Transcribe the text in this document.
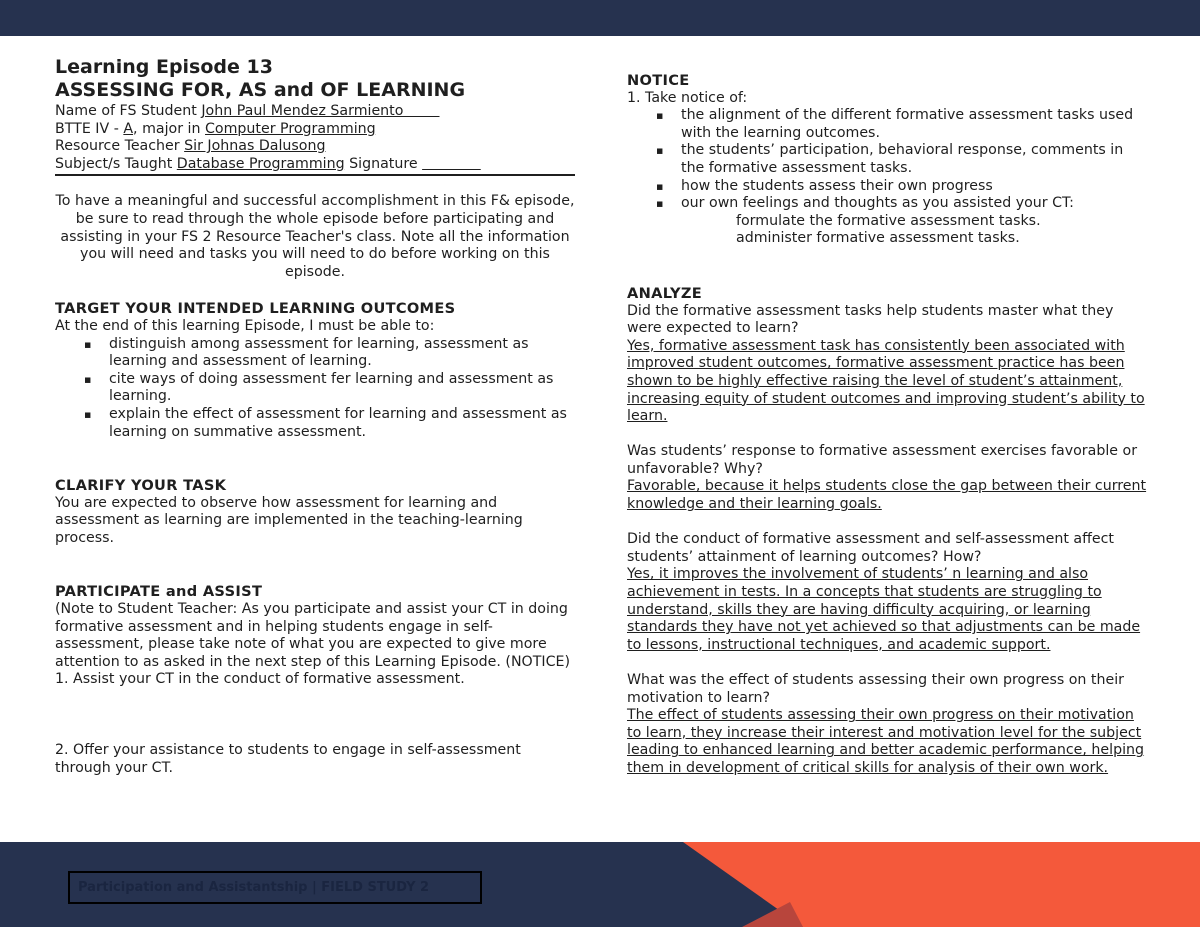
Learning Episode 13
ASSESSING FOR, AS and OF LEARNING

Name of FS Student John Paul Mendez Sarmiento

BTTE IV - A, major in Computer Programming

Resource Teacher Sir Johnas Dalusong

Subject/s Taught Database Programming Signature

To have a meaningful and successful accomplishment in this F& episode, be sure to read through the whole episode before participating and assisting in your FS 2 Resource Teacher's class. Note all the information you will need and tasks you will need to do before working on this episode.

TARGET YOUR INTENDED LEARNING OUTCOMES

At the end of this learning Episode, I must be able to:

▪ distinguish among assessment for learning, assessment as learning and assessment of learning.
▪ cite ways of doing assessment fer learning and assessment as learning.
▪ explain the effect of assessment for learning and assessment as learning on summative assessment.

CLARIFY YOUR TASK

You are expected to observe how assessment for learning and assessment as learning are implemented in the teaching-learning process.

PARTICIPATE and ASSIST

(Note to Student Teacher: As you participate and assist your CT in doing formative assessment and in helping students engage in self-assessment, please take note of what you are expected to give more attention to as asked in the next step of this Learning Episode. (NOTICE)

1. Assist your CT in the conduct of formative assessment.

2. Offer your assistance to students to engage in self-assessment through your CT.

NOTICE

1. Take notice of:

▪ the alignment of the different formative assessment tasks used with the learning outcomes.
▪ the students’ participation, behavioral response, comments in the formative assessment tasks.
▪ how the students assess their own progress
▪ our own feelings and thoughts as you assisted your CT:

formulate the formative assessment tasks.

administer formative assessment tasks.

ANALYZE

Did the formative assessment tasks help students master what they were expected to learn?

Yes, formative assessment task has consistently been associated with improved student outcomes, formative assessment practice has been shown to be highly effective raising the level of student’s attainment, increasing equity of student outcomes and improving student’s ability to learn.

Was students’ response to formative assessment exercises favorable or unfavorable? Why?

Favorable, because it helps students close the gap between their current knowledge and their learning goals.

Did the conduct of formative assessment and self-assessment affect students’ attainment of learning outcomes? How?

Yes, it improves the involvement of students’ n learning and also achievement in tests. In a concepts that students are struggling to understand, skills they are having difficulty acquiring, or learning standards they have not yet achieved so that adjustments can be made to lessons, instructional techniques, and academic support.

What was the effect of students assessing their own progress on their motivation to learn?

The effect of students assessing their own progress on their motivation to learn, they increase their interest and motivation level for the subject leading to enhanced learning and better academic performance, helping them in development of critical skills for analysis of their own work.

Participation and Assistantship | FIELD STUDY 2
